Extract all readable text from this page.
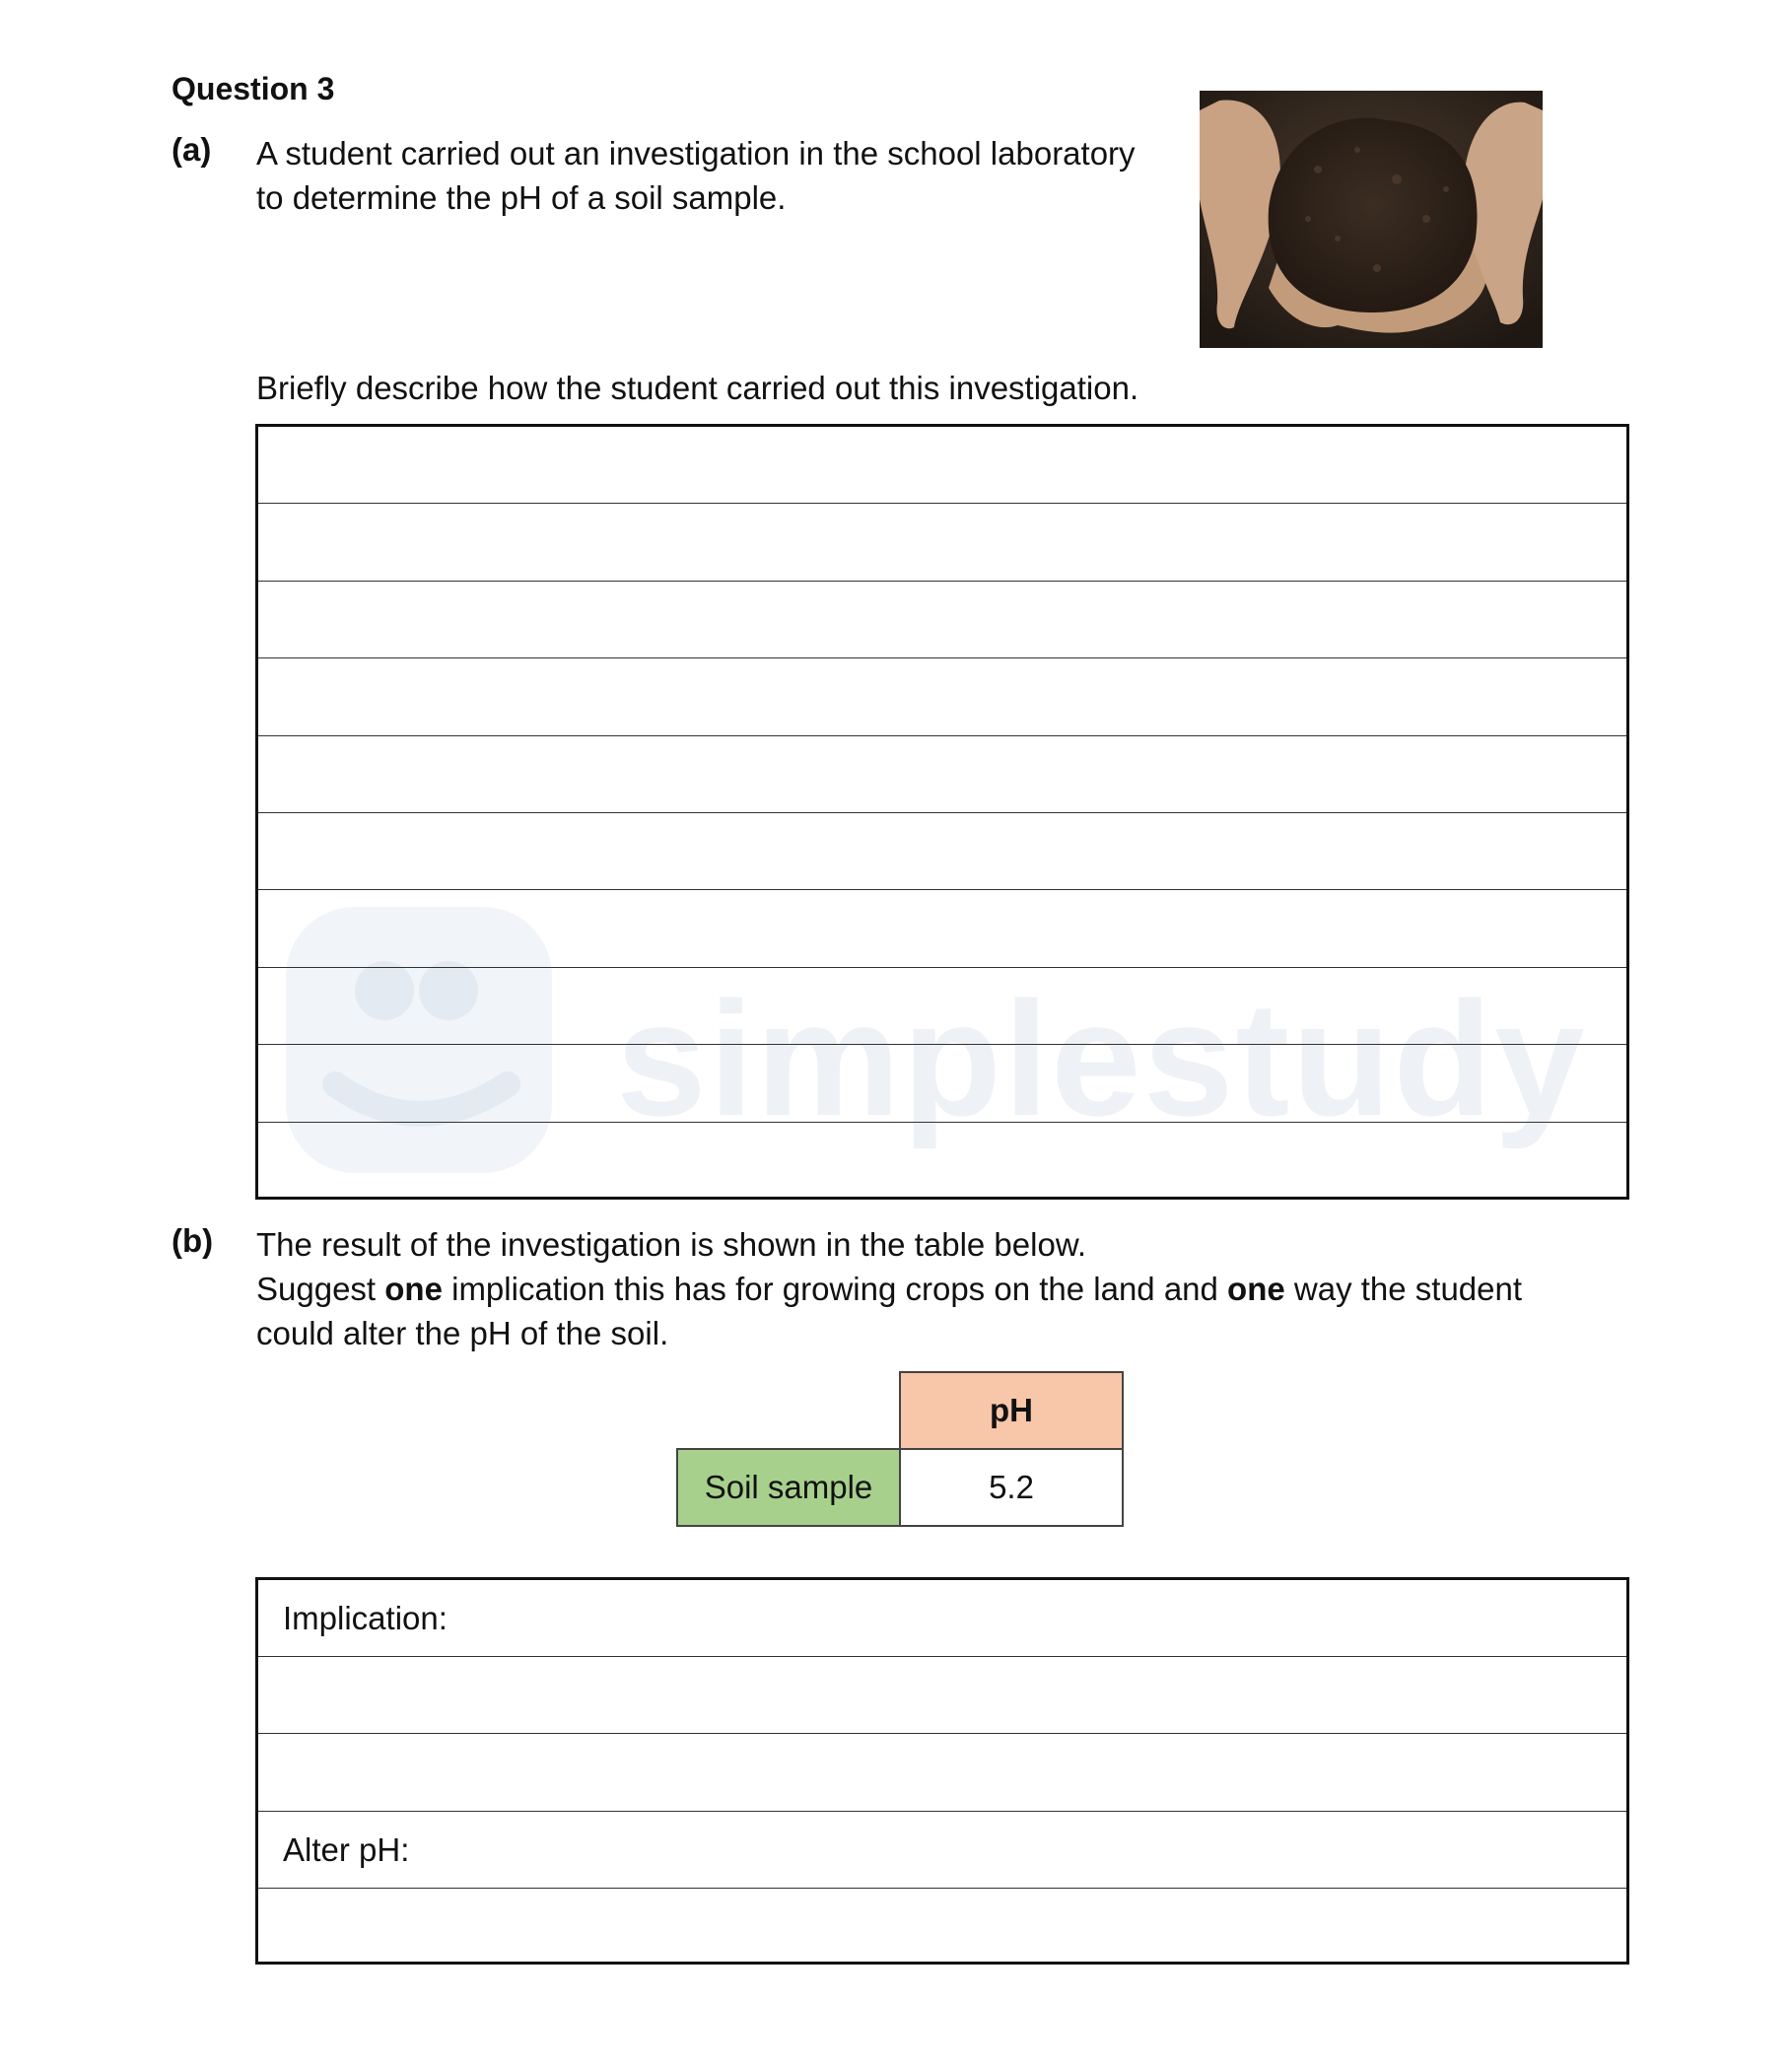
simplestudy
Question 3
(a) A student carried out an investigation in the school laboratory
to determine the pH of a soil sample.
Briefly describe how the student carried out this investigation.
(b) The result of the investigation is shown in the table below.
Suggest one implication this has for growing crops on the land and one way the student
could alter the pH of the soil.
pH
Soil sample	5.2
Implication:
Alter pH:
